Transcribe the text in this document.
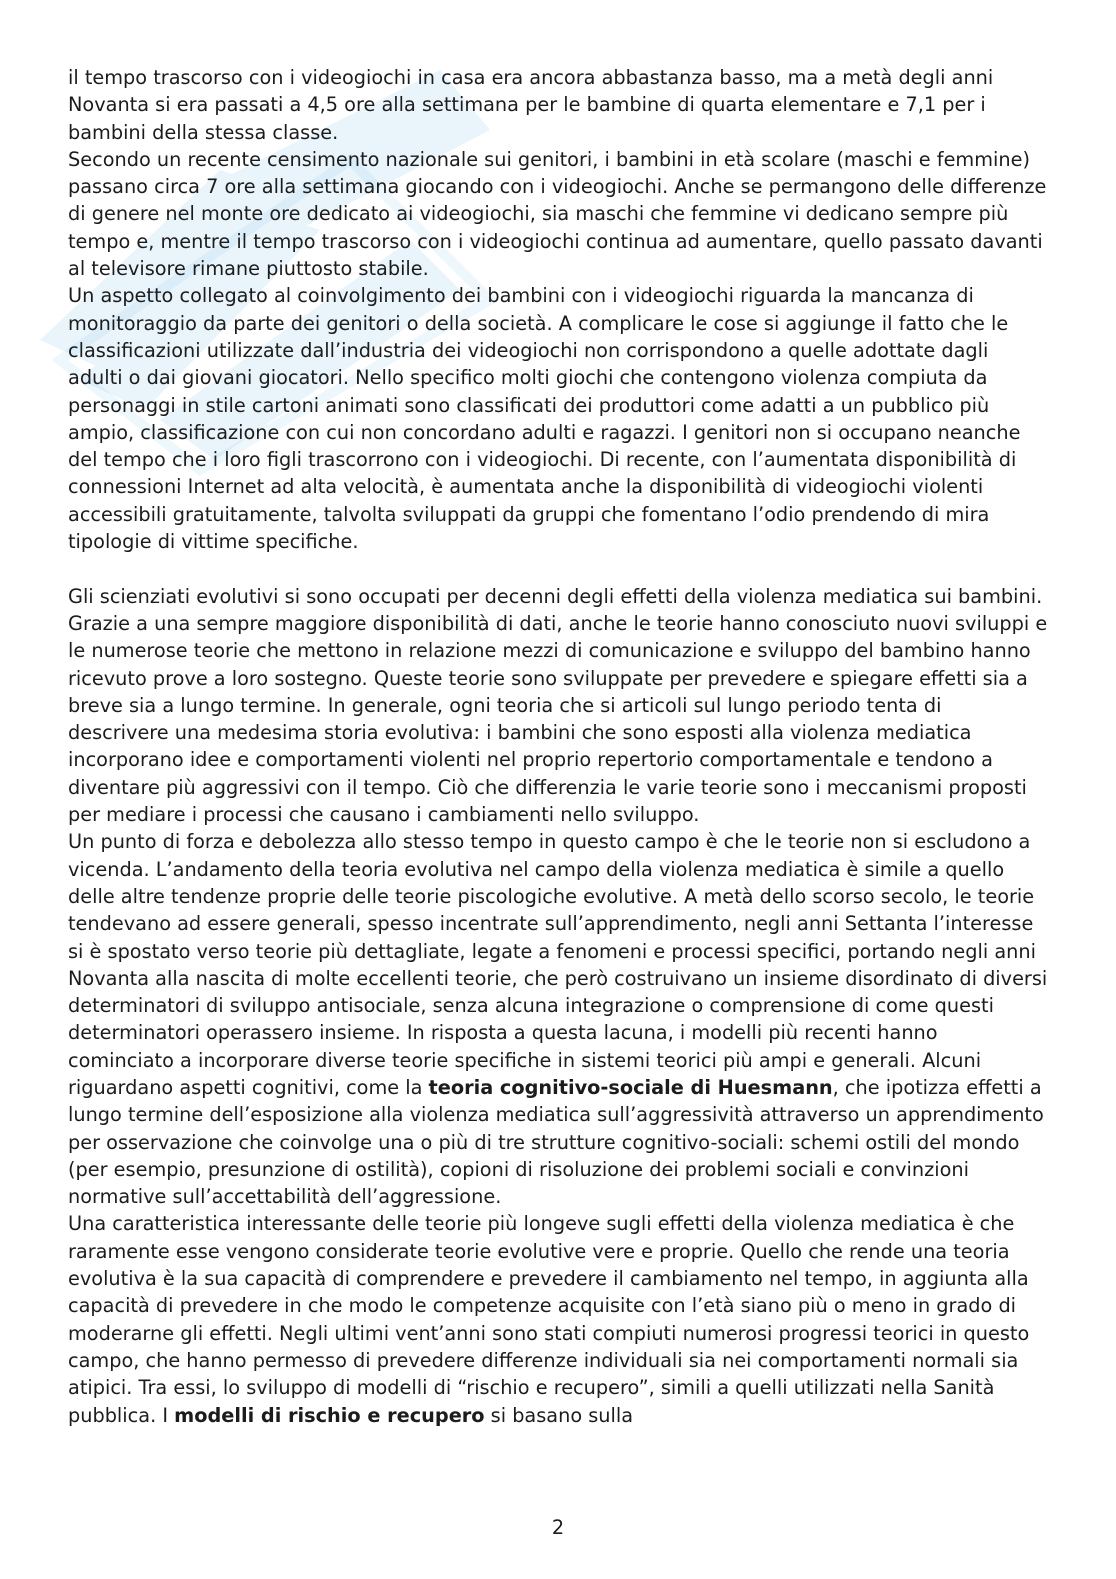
il tempo trascorso con i videogiochi in casa era ancora abbastanza basso, ma a metà degli anni Novanta si era passati a 4,5 ore alla settimana per le bambine di quarta elementare e 7,1 per i bambini della stessa classe.

Secondo un recente censimento nazionale sui genitori, i bambini in età scolare (maschi e femmine) passano circa 7 ore alla settimana giocando con i videogiochi. Anche se permangono delle differenze di genere nel monte ore dedicato ai videogiochi, sia maschi che femmine vi dedicano sempre più tempo e, mentre il tempo trascorso con i videogiochi continua ad aumentare, quello passato davanti al televisore rimane piuttosto stabile.

Un aspetto collegato al coinvolgimento dei bambini con i videogiochi riguarda la mancanza di monitoraggio da parte dei genitori o della società. A complicare le cose si aggiunge il fatto che le classificazioni utilizzate dall’industria dei videogiochi non corrispondono a quelle adottate dagli adulti o dai giovani giocatori. Nello specifico molti giochi che contengono violenza compiuta da personaggi in stile cartoni animati sono classificati dei produttori come adatti a un pubblico più ampio, classificazione con cui non concordano adulti e ragazzi. I genitori non si occupano neanche del tempo che i loro figli trascorrono con i videogiochi. Di recente, con l’aumentata disponibilità di connessioni Internet ad alta velocità, è aumentata anche la disponibilità di videogiochi violenti accessibili gratuitamente, talvolta sviluppati da gruppi che fomentano l’odio prendendo di mira tipologie di vittime specifiche.

Gli scienziati evolutivi si sono occupati per decenni degli effetti della violenza mediatica sui bambini. Grazie a una sempre maggiore disponibilità di dati, anche le teorie hanno conosciuto nuovi sviluppi e le numerose teorie che mettono in relazione mezzi di comunicazione e sviluppo del bambino hanno ricevuto prove a loro sostegno. Queste teorie sono sviluppate per prevedere e spiegare effetti sia a breve sia a lungo termine. In generale, ogni teoria che si articoli sul lungo periodo tenta di descrivere una medesima storia evolutiva: i bambini che sono esposti alla violenza mediatica incorporano idee e comportamenti violenti nel proprio repertorio comportamentale e tendono a diventare più aggressivi con il tempo. Ciò che differenzia le varie teorie sono i meccanismi proposti per mediare i processi che causano i cambiamenti nello sviluppo.

Un punto di forza e debolezza allo stesso tempo in questo campo è che le teorie non si escludono a vicenda. L’andamento della teoria evolutiva nel campo della violenza mediatica è simile a quello delle altre tendenze proprie delle teorie piscologiche evolutive. A metà dello scorso secolo, le teorie tendevano ad essere generali, spesso incentrate sull’apprendimento, negli anni Settanta l’interesse si è spostato verso teorie più dettagliate, legate a fenomeni e processi specifici, portando negli anni Novanta alla nascita di molte eccellenti teorie, che però costruivano un insieme disordinato di diversi determinatori di sviluppo antisociale, senza alcuna integrazione o comprensione di come questi determinatori operassero insieme. In risposta a questa lacuna, i modelli più recenti hanno cominciato a incorporare diverse teorie specifiche in sistemi teorici più ampi e generali. Alcuni riguardano aspetti cognitivi, come la teoria cognitivo-sociale di Huesmann, che ipotizza effetti a lungo termine dell’esposizione alla violenza mediatica sull’aggressività attraverso un apprendimento per osservazione che coinvolge una o più di tre strutture cognitivo-sociali: schemi ostili del mondo (per esempio, presunzione di ostilità), copioni di risoluzione dei problemi sociali e convinzioni normative sull’accettabilità dell’aggressione.

Una caratteristica interessante delle teorie più longeve sugli effetti della violenza mediatica è che raramente esse vengono considerate teorie evolutive vere e proprie. Quello che rende una teoria evolutiva è la sua capacità di comprendere e prevedere il cambiamento nel tempo, in aggiunta alla capacità di prevedere in che modo le competenze acquisite con l’età siano più o meno in grado di moderarne gli effetti. Negli ultimi vent’anni sono stati compiuti numerosi progressi teorici in questo campo, che hanno permesso di prevedere differenze individuali sia nei comportamenti normali sia atipici. Tra essi, lo sviluppo di modelli di “rischio e recupero”, simili a quelli utilizzati nella Sanità pubblica. I modelli di rischio e recupero si basano sulla

2
